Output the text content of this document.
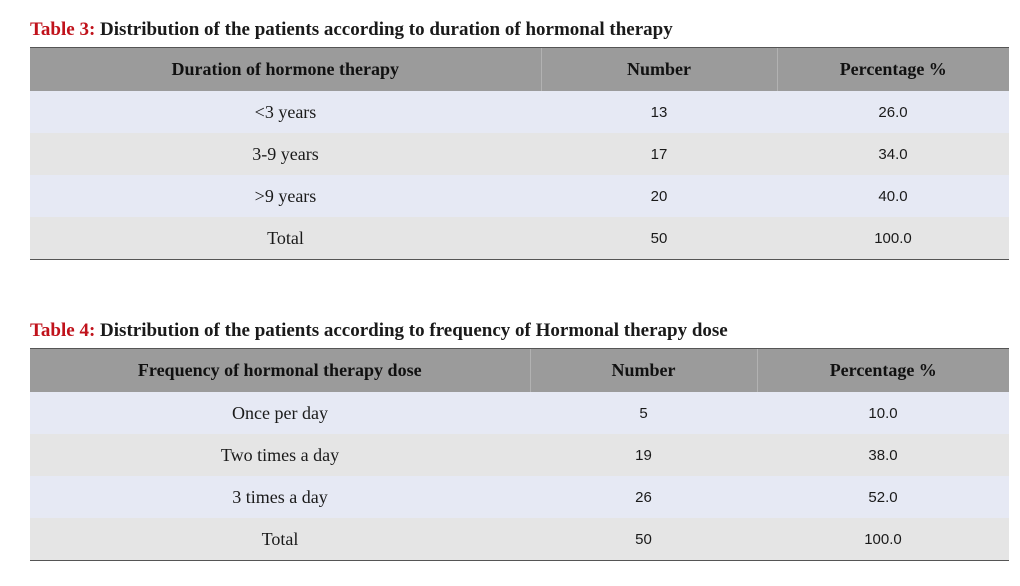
Table 3: Distribution of the patients according to duration of hormonal therapy
Duration of hormone therapy	Number	Percentage %
<3 years	13	26.0
3-9 years	17	34.0
>9 years	20	40.0
Total	50	100.0
Table 4: Distribution of the patients according to frequency of Hormonal therapy dose
Frequency of hormonal therapy dose	Number	Percentage %
Once per day	5	10.0
Two times a day	19	38.0
3 times a day	26	52.0
Total	50	100.0
